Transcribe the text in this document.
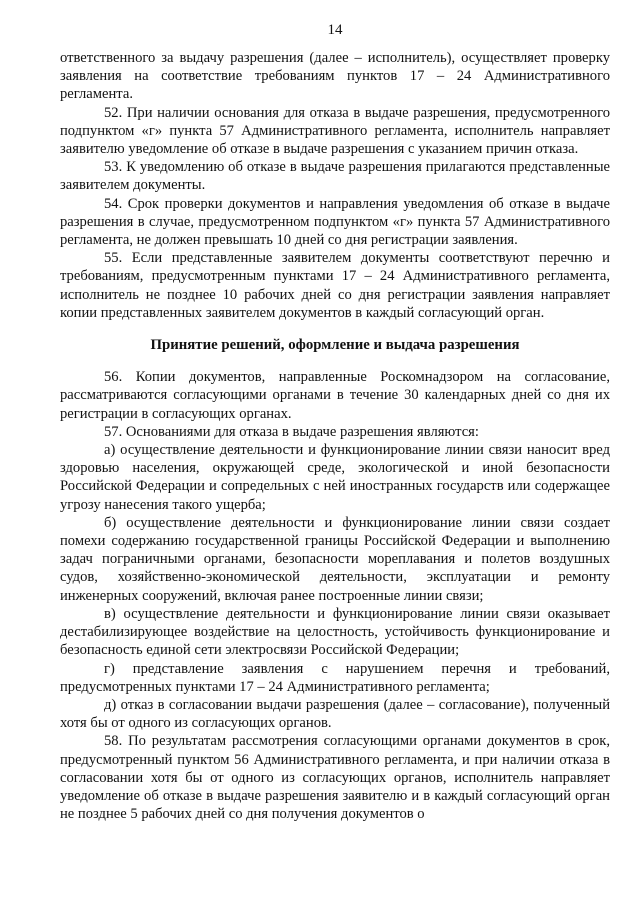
14

ответственного за выдачу разрешения (далее – исполнитель), осуществляет проверку заявления на соответствие требованиям пунктов 17 – 24 Административного регламента.

52. При наличии основания для отказа в выдаче разрешения, предусмотренного подпунктом «г» пункта 57 Административного регламента, исполнитель направляет заявителю уведомление об отказе в выдаче разрешения с указанием причин отказа.

53. К уведомлению об отказе в выдаче разрешения прилагаются представленные заявителем документы.

54. Срок проверки документов и направления уведомления об отказе в выдаче разрешения в случае, предусмотренном подпунктом «г» пункта 57 Административного регламента, не должен превышать 10 дней со дня регистрации заявления.

55. Если представленные заявителем документы соответствуют перечню и требованиям, предусмотренным пунктами 17 – 24 Административного регламента, исполнитель не позднее 10 рабочих дней со дня регистрации заявления направляет копии представленных заявителем документов в каждый согласующий орган.

Принятие решений, оформление и выдача разрешения

56. Копии документов, направленные Роскомнадзором на согласование, рассматриваются согласующими органами в течение 30 календарных дней со дня их регистрации в согласующих органах.

57. Основаниями для отказа в выдаче разрешения являются:

а) осуществление деятельности и функционирование линии связи наносит вред здоровью населения, окружающей среде, экологической и иной безопасности Российской Федерации и сопредельных с ней иностранных государств или содержащее угрозу нанесения такого ущерба;

б) осуществление деятельности и функционирование линии связи создает помехи содержанию государственной границы Российской Федерации и выполнению задач пограничными органами, безопасности мореплавания и полетов воздушных судов, хозяйственно-экономической деятельности, эксплуатации и ремонту инженерных сооружений, включая ранее построенные линии связи;

в) осуществление деятельности и функционирование линии связи оказывает дестабилизирующее воздействие на целостность, устойчивость функционирование и безопасность единой сети электросвязи Российской Федерации;

г) представление заявления с нарушением перечня и требований, предусмотренных пунктами 17 – 24 Административного регламента;

д) отказ в согласовании выдачи разрешения (далее – согласование), полученный хотя бы от одного из согласующих органов.

58. По результатам рассмотрения согласующими органами документов в срок, предусмотренный пунктом 56 Административного регламента, и при наличии отказа в согласовании хотя бы от одного из согласующих органов, исполнитель направляет уведомление об отказе в выдаче разрешения заявителю и в каждый согласующий орган не позднее 5 рабочих дней со дня получения документов о
